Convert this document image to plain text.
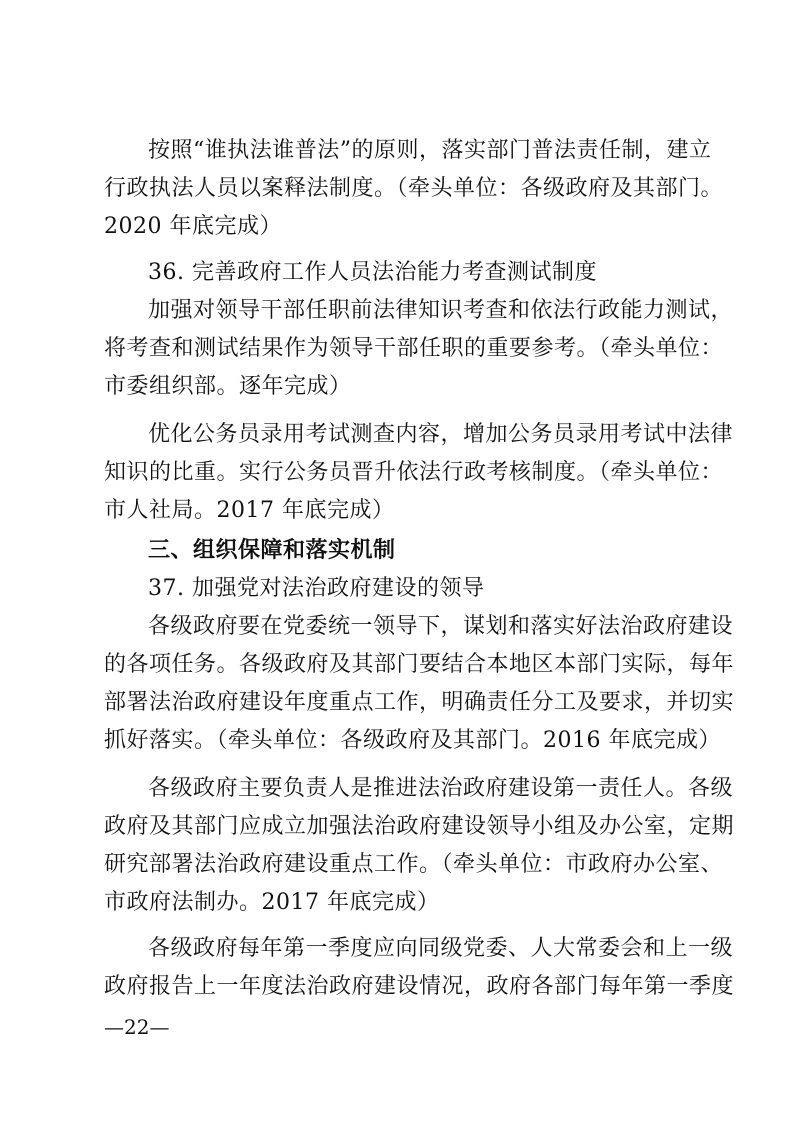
按照“谁执法谁普法”的原则，落实部门普法责任制，建立
行政执法人员以案释法制度。（牵头单位：各级政府及其部门。
2020 年底完成）
36. 完善政府工作人员法治能力考查测试制度
加强对领导干部任职前法律知识考查和依法行政能力测试，
将考查和测试结果作为领导干部任职的重要参考。（牵头单位：
市委组织部。逐年完成）
优化公务员录用考试测查内容，增加公务员录用考试中法律
知识的比重。实行公务员晋升依法行政考核制度。（牵头单位：
市人社局。2017 年底完成）
三、组织保障和落实机制
37. 加强党对法治政府建设的领导
各级政府要在党委统一领导下，谋划和落实好法治政府建设
的各项任务。各级政府及其部门要结合本地区本部门实际，每年
部署法治政府建设年度重点工作，明确责任分工及要求，并切实
抓好落实。（牵头单位：各级政府及其部门。2016 年底完成）
各级政府主要负责人是推进法治政府建设第一责任人。各级
政府及其部门应成立加强法治政府建设领导小组及办公室，定期
研究部署法治政府建设重点工作。（牵头单位：市政府办公室、
市政府法制办。2017 年底完成）
各级政府每年第一季度应向同级党委、人大常委会和上一级
政府报告上一年度法治政府建设情况，政府各部门每年第一季度
—22—
